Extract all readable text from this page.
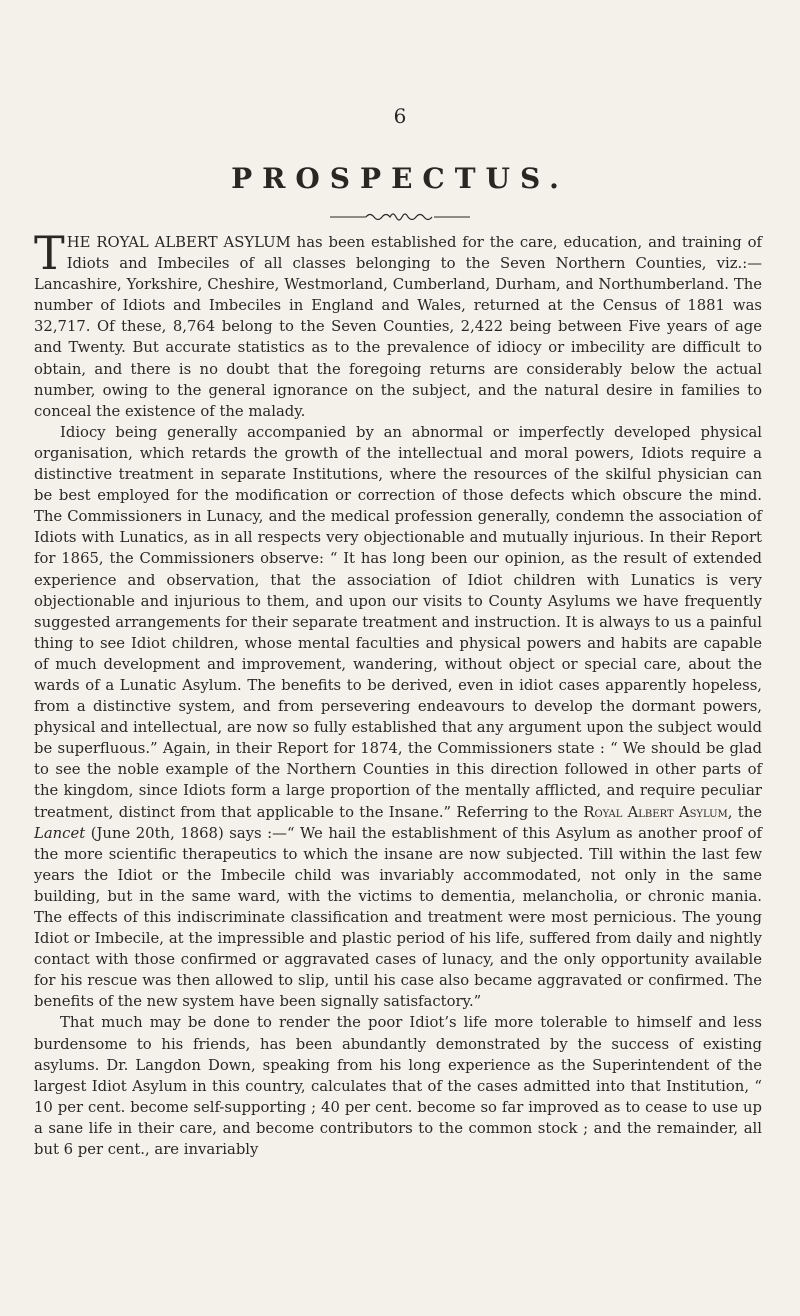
6
PROSPECTUS.

THE ROYAL ALBERT ASYLUM has been established for the care, education, and training of Idiots and Imbeciles of all classes belonging to the Seven Northern Counties, viz.:—Lancashire, Yorkshire, Cheshire, Westmorland, Cumberland, Durham, and Northumberland. The number of Idiots and Imbeciles in England and Wales, returned at the Census of 1881 was 32,717. Of these, 8,764 belong to the Seven Counties, 2,422 being between Five years of age and Twenty. But accurate statistics as to the prevalence of idiocy or imbecility are difficult to obtain, and there is no doubt that the foregoing returns are considerably below the actual number, owing to the general ignorance on the subject, and the natural desire in families to conceal the existence of the malady.

Idiocy being generally accompanied by an abnormal or imperfectly developed physical organisation, which retards the growth of the intellectual and moral powers, Idiots require a distinctive treatment in separate Institutions, where the resources of the skilful physician can be best employed for the modification or correction of those defects which obscure the mind. The Commissioners in Lunacy, and the medical profession generally, condemn the association of Idiots with Lunatics, as in all respects very objectionable and mutually injurious. In their Report for 1865, the Commissioners observe: “ It has long been our opinion, as the result of extended experience and observation, that the association of Idiot children with Lunatics is very objectionable and injurious to them, and upon our visits to County Asylums we have frequently suggested arrangements for their separate treatment and instruction. It is always to us a painful thing to see Idiot children, whose mental faculties and physical powers and habits are capable of much development and improvement, wandering, without object or special care, about the wards of a Lunatic Asylum. The benefits to be derived, even in idiot cases apparently hopeless, from a distinctive system, and from persevering endeavours to develop the dormant powers, physical and intellectual, are now so fully established that any argument upon the subject would be superfluous.” Again, in their Report for 1874, the Commissioners state : “ We should be glad to see the noble example of the Northern Counties in this direction followed in other parts of the kingdom, since Idiots form a large proportion of the mentally afflicted, and require peculiar treatment, distinct from that applicable to the Insane.” Referring to the Royal Albert Asylum, the Lancet (June 20th, 1868) says :—“ We hail the establishment of this Asylum as another proof of the more scientific therapeutics to which the insane are now subjected. Till within the last few years the Idiot or the Imbecile child was invariably accommodated, not only in the same building, but in the same ward, with the victims to dementia, melancholia, or chronic mania. The effects of this indiscriminate classification and treatment were most pernicious. The young Idiot or Imbecile, at the impressible and plastic period of his life, suffered from daily and nightly contact with those confirmed or aggravated cases of lunacy, and the only opportunity available for his rescue was then allowed to slip, until his case also became aggravated or confirmed. The benefits of the new system have been signally satisfactory.”

That much may be done to render the poor Idiot’s life more tolerable to himself and less burdensome to his friends, has been abundantly demonstrated by the success of existing asylums. Dr. Langdon Down, speaking from his long experience as the Superintendent of the largest Idiot Asylum in this country, calculates that of the cases admitted into that Institution, “ 10 per cent. become self-supporting ; 40 per cent. become so far improved as to cease to use up a sane life in their care, and become contributors to the common stock ; and the remainder, all but 6 per cent., are invariably
